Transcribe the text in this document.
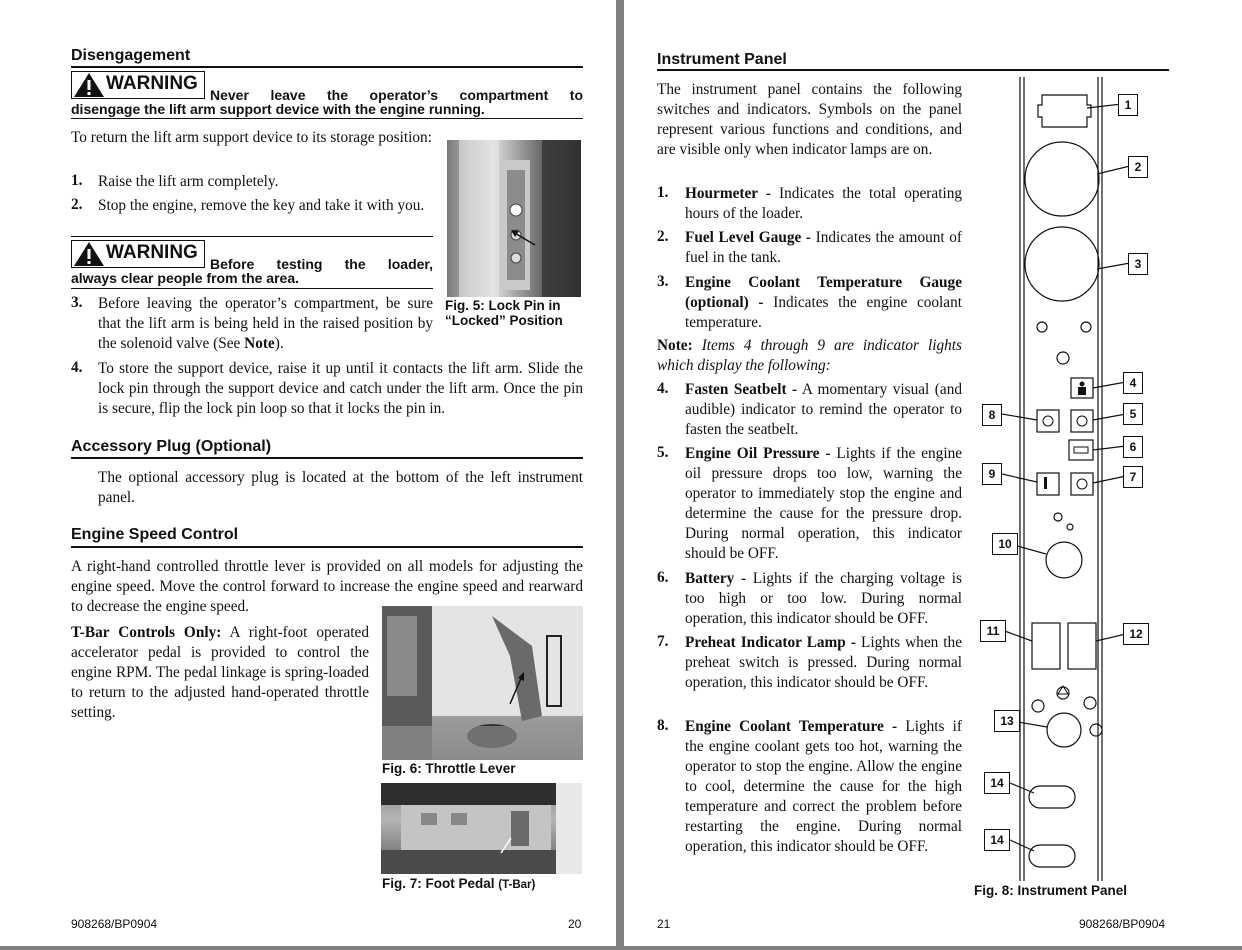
Disengagement
WARNING
Never leave the operator’s compartment to
disengage the lift arm support device with the engine running.
To return the lift arm support device to its storage position:
1. Raise the lift arm completely.
2. Stop the engine, remove the key and take it with you.
WARNING
Before testing the loader,
always clear people from the area.
3. Before leaving the operator’s compartment, be sure that the lift arm is being held in the raised position by the solenoid valve (See Note).
4. To store the support device, raise it up until it contacts the lift arm. Slide the lock pin through the support device and catch under the lift arm. Once the pin is secure, flip the lock pin loop so that it locks the pin in.
Fig. 5: Lock Pin in
“Locked” Position
Accessory Plug (Optional)
The optional accessory plug is located at the bottom of the left instrument panel.
Engine Speed Control
A right-hand controlled throttle lever is provided on all models for adjusting the engine speed. Move the control forward to increase the engine speed and rearward to decrease the engine speed.
T-Bar Controls Only: A right-foot operated accelerator pedal is provided to control the engine RPM. The pedal linkage is spring-loaded to return to the adjusted hand-operated throttle setting.
Fig. 6: Throttle Lever
Fig. 7: Foot Pedal (T-Bar)
908268/BP0904	20
Instrument Panel
The instrument panel contains the following switches and indicators. Symbols on the panel represent various functions and conditions, and are visible only when indicator lamps are on.
1. Hourmeter - Indicates the total operating hours of the loader.
2. Fuel Level Gauge - Indicates the amount of fuel in the tank.
3. Engine Coolant Temperature Gauge (optional) - Indicates the engine coolant temperature.
Note: Items 4 through 9 are indicator lights which display the following:
4. Fasten Seatbelt - A momentary visual (and audible) indicator to remind the operator to fasten the seatbelt.
5. Engine Oil Pressure - Lights if the engine oil pressure drops too low, warning the operator to immediately stop the engine and determine the cause for the pressure drop. During normal operation, this indicator should be OFF.
6. Battery - Lights if the charging voltage is too high or too low. During normal operation, this indicator should be OFF.
7. Preheat Indicator Lamp - Lights when the preheat switch is pressed. During normal operation, this indicator should be OFF.
8. Engine Coolant Temperature - Lights if the engine coolant gets too hot, warning the operator to stop the engine. Allow the engine to cool, determine the cause for the high temperature and correct the problem before restarting the engine. During normal operation, this indicator should be OFF.
1
2
3
4
8	5
6
9	7
10
11	12
13
14
14
Fig. 8: Instrument Panel
21	908268/BP0904
